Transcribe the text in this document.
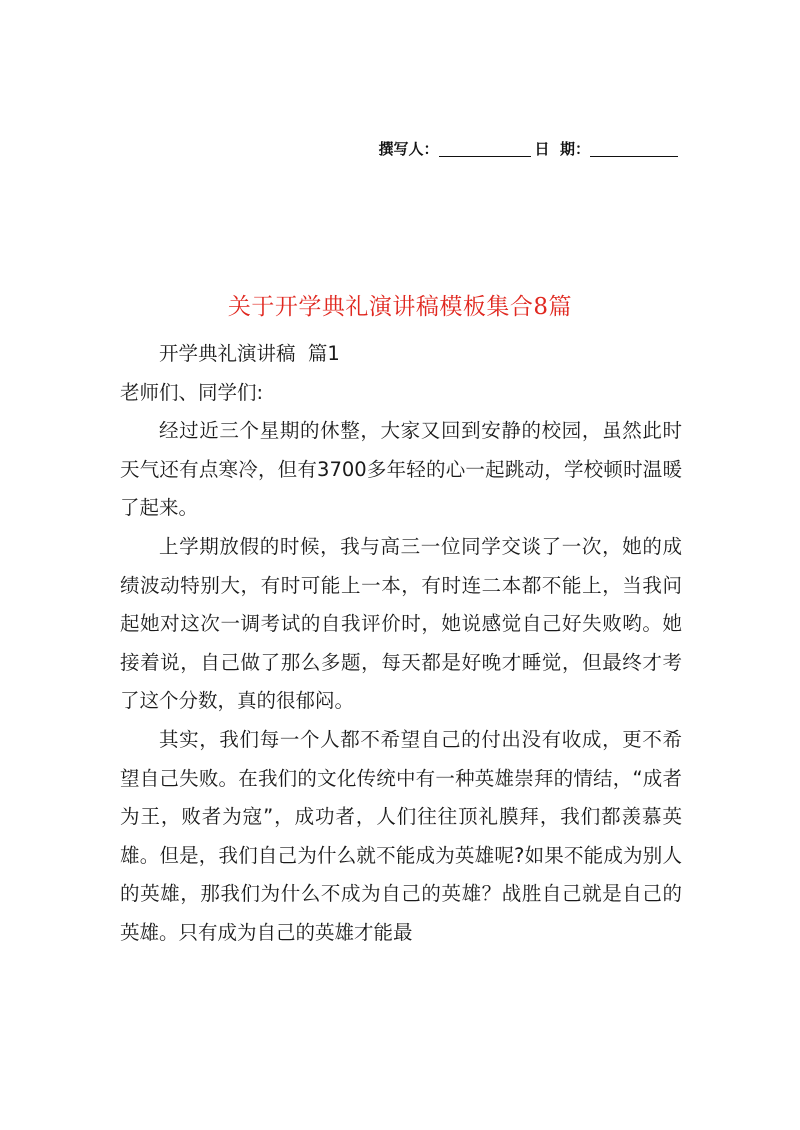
撰写人：	日  期：
关于开学典礼演讲稿模板集合8篇

开学典礼演讲稿  篇1

老师们、同学们:

经过近三个星期的休整，大家又回到安静的校园，虽然此时天气还有点寒冷，但有3700多年轻的心一起跳动，学校顿时温暖了起来。

上学期放假的时候，我与高三一位同学交谈了一次，她的成绩波动特别大，有时可能上一本，有时连二本都不能上，当我问起她对这次一调考试的自我评价时，她说感觉自己好失败哟。她接着说，自己做了那么多题，每天都是好晚才睡觉，但最终才考了这个分数，真的很郁闷。

其实，我们每一个人都不希望自己的付出没有收成，更不希望自己失败。在我们的文化传统中有一种英雄崇拜的情结，“成者为王，败者为寇”，成功者，人们往往顶礼膜拜，我们都羡慕英雄。但是，我们自己为什么就不能成为英雄呢?如果不能成为别人的英雄，那我们为什么不成为自己的英雄？战胜自己就是自己的英雄。只有成为自己的英雄才能最
